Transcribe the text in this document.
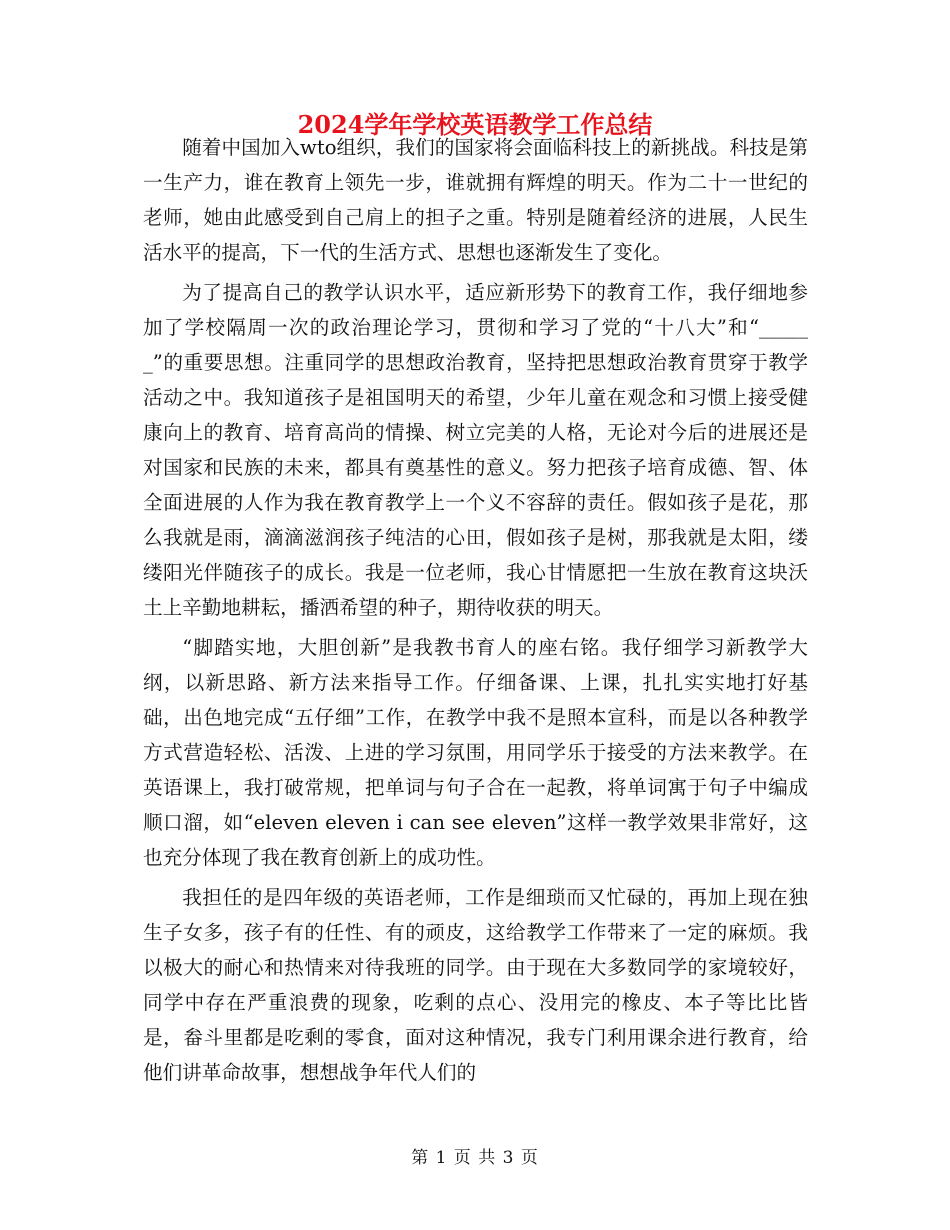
2024学年学校英语教学工作总结

随着中国加入wto组织，我们的国家将会面临科技上的新挑战。科技是第一生产力，谁在教育上领先一步，谁就拥有辉煌的明天。作为二十一世纪的老师，她由此感受到自己肩上的担子之重。特别是随着经济的进展，人民生活水平的提高，下一代的生活方式、思想也逐渐发生了变化。

为了提高自己的教学认识水平，适应新形势下的教育工作，我仔细地参加了学校隔周一次的政治理论学习，贯彻和学习了党的“十八大”和“______”的重要思想。注重同学的思想政治教育，坚持把思想政治教育贯穿于教学活动之中。我知道孩子是祖国明天的希望，少年儿童在观念和习惯上接受健康向上的教育、培育高尚的情操、树立完美的人格，无论对今后的进展还是对国家和民族的未来，都具有奠基性的意义。努力把孩子培育成德、智、体全面进展的人作为我在教育教学上一个义不容辞的责任。假如孩子是花，那么我就是雨，滴滴滋润孩子纯洁的心田，假如孩子是树，那我就是太阳，缕缕阳光伴随孩子的成长。我是一位老师，我心甘情愿把一生放在教育这块沃土上辛勤地耕耘，播洒希望的种子，期待收获的明天。

“脚踏实地，大胆创新”是我教书育人的座右铭。我仔细学习新教学大纲，以新思路、新方法来指导工作。仔细备课、上课，扎扎实实地打好基础，出色地完成“五仔细”工作，在教学中我不是照本宣科，而是以各种教学方式营造轻松、活泼、上进的学习氛围，用同学乐于接受的方法来教学。在英语课上，我打破常规，把单词与句子合在一起教，将单词寓于句子中编成顺口溜，如“eleven eleven i can see eleven”这样一教学效果非常好，这也充分体现了我在教育创新上的成功性。

我担任的是四年级的英语老师，工作是细琐而又忙碌的，再加上现在独生子女多，孩子有的任性、有的顽皮，这给教学工作带来了一定的麻烦。我以极大的耐心和热情来对待我班的同学。由于现在大多数同学的家境较好，同学中存在严重浪费的现象，吃剩的点心、没用完的橡皮、本子等比比皆是，畚斗里都是吃剩的零食，面对这种情况，我专门利用课余进行教育，给他们讲革命故事，想想战争年代人们的

第 1 页 共 3 页
